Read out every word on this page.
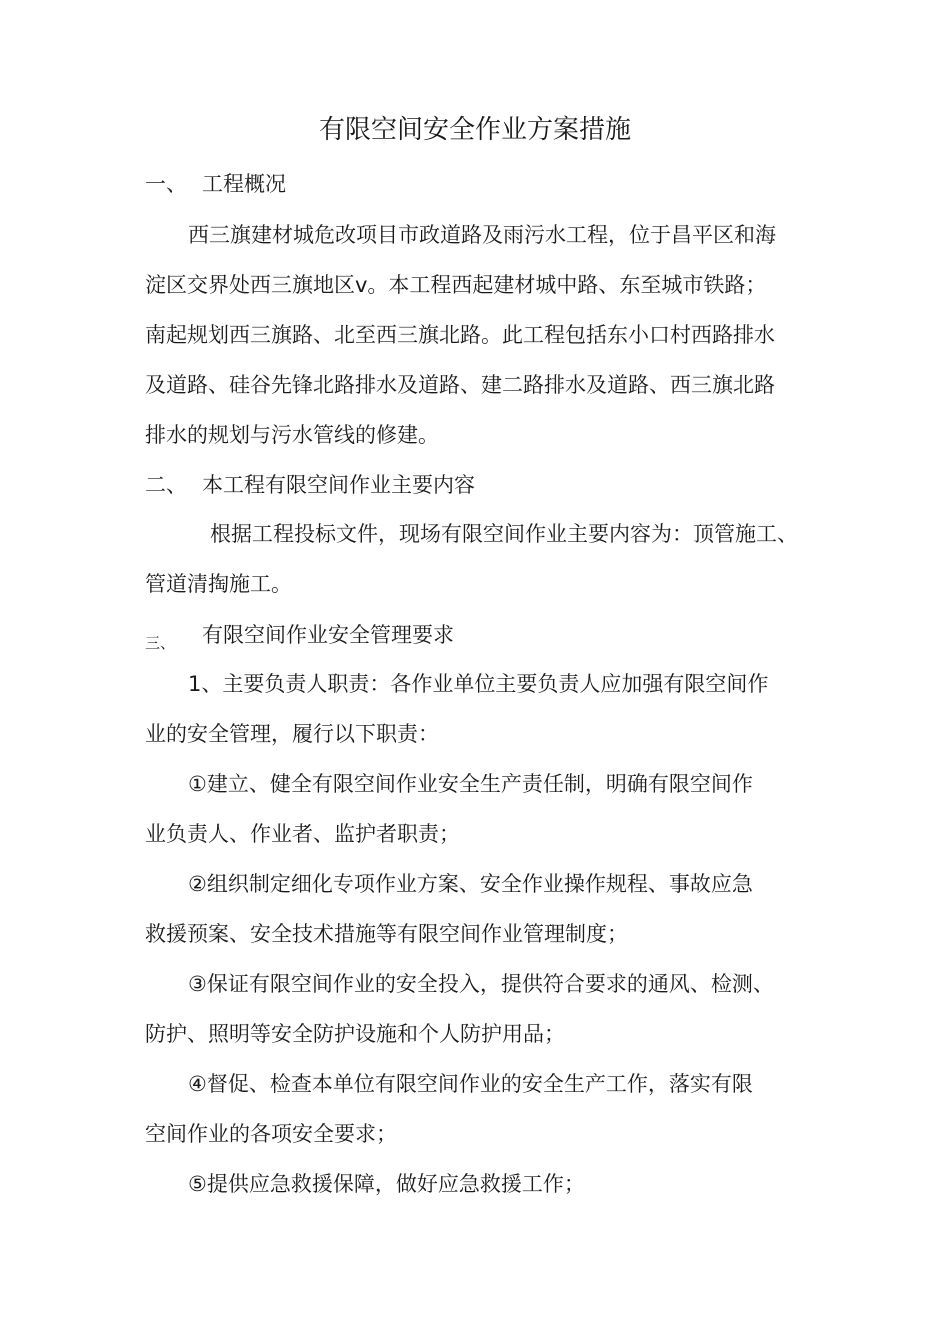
有限空间安全作业方案措施
一、 工程概况
西三旗建材城危改项目市政道路及雨污水工程，位于昌平区和海
淀区交界处西三旗地区v。本工程西起建材城中路、东至城市铁路；
南起规划西三旗路、北至西三旗北路。此工程包括东小口村西路排水
及道路、硅谷先锋北路排水及道路、建二路排水及道路、西三旗北路
排水的规划与污水管线的修建。
二、 本工程有限空间作业主要内容
根据工程投标文件，现场有限空间作业主要内容为：顶管施工、
管道清掏施工。
三、 有限空间作业安全管理要求
1、主要负责人职责：各作业单位主要负责人应加强有限空间作
业的安全管理，履行以下职责：
①建立、健全有限空间作业安全生产责任制，明确有限空间作
业负责人、作业者、监护者职责；
②组织制定细化专项作业方案、安全作业操作规程、事故应急
救援预案、安全技术措施等有限空间作业管理制度；
③保证有限空间作业的安全投入，提供符合要求的通风、检测、
防护、照明等安全防护设施和个人防护用品；
④督促、检查本单位有限空间作业的安全生产工作，落实有限
空间作业的各项安全要求；
⑤提供应急救援保障，做好应急救援工作；
